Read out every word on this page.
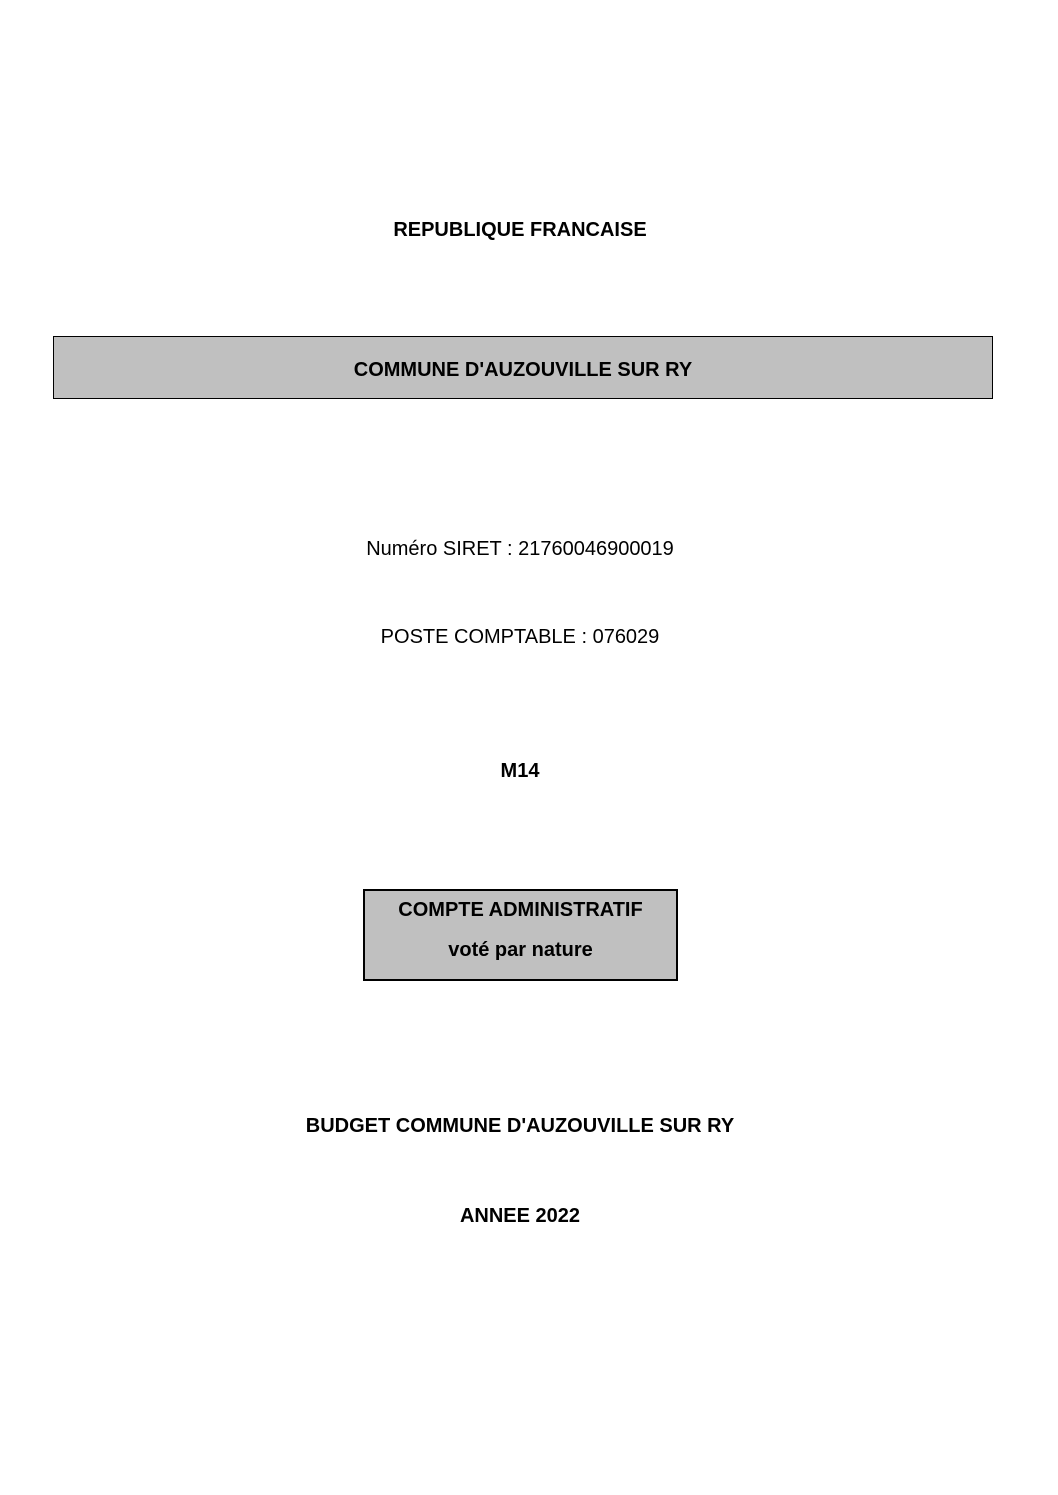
REPUBLIQUE FRANCAISE
COMMUNE D'AUZOUVILLE SUR RY
Numéro SIRET : 21760046900019
POSTE COMPTABLE : 076029
M14
COMPTE ADMINISTRATIF
voté par nature
BUDGET COMMUNE D'AUZOUVILLE SUR RY
ANNEE 2022
